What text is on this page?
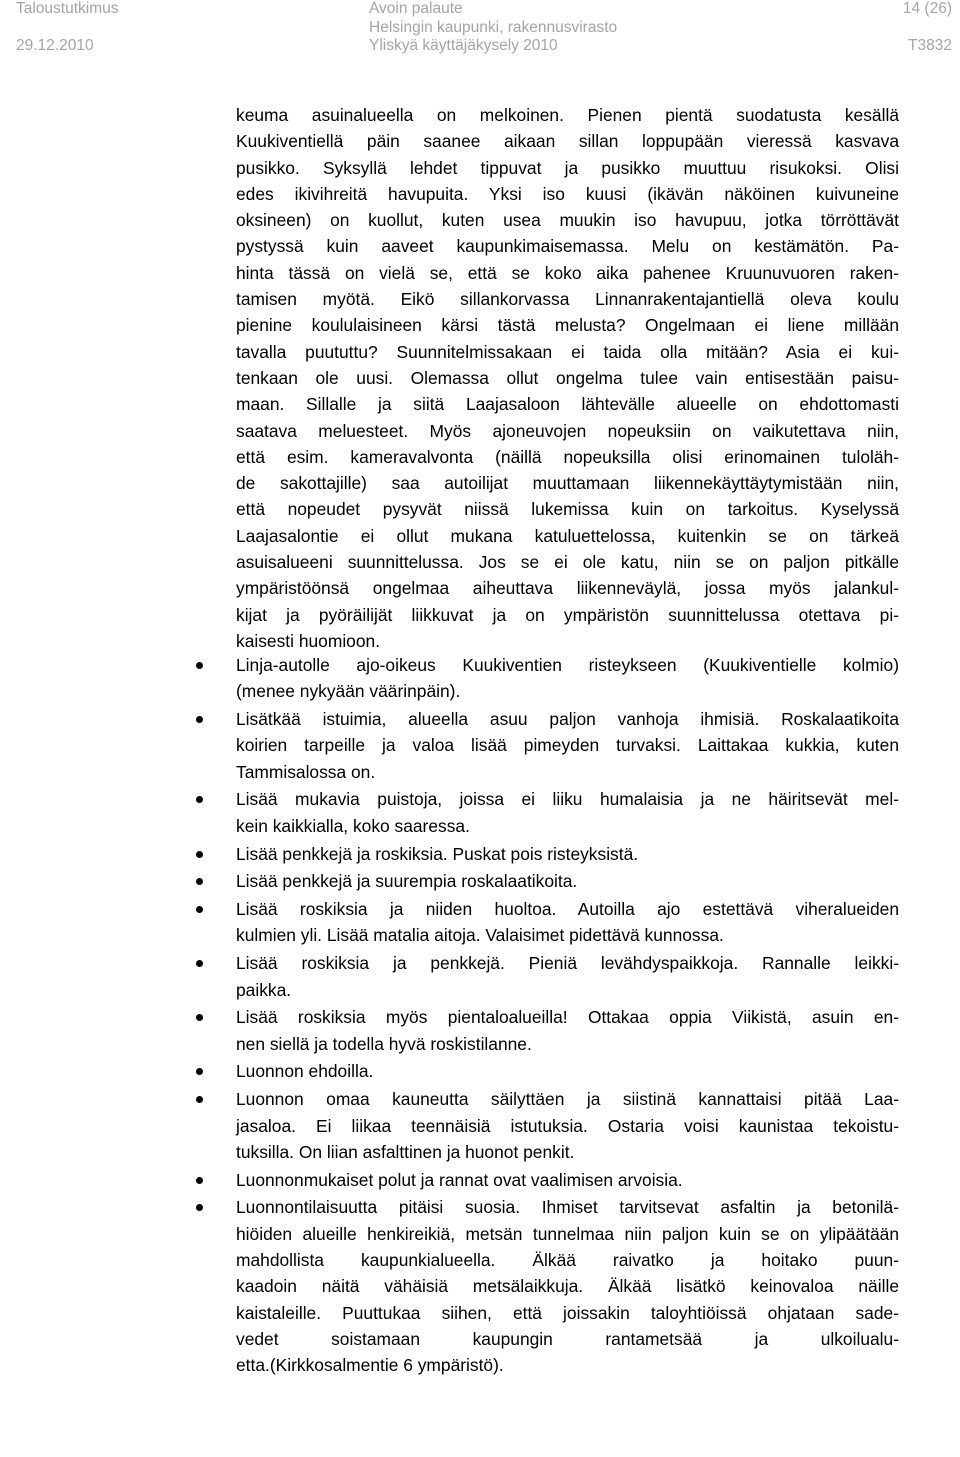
Taloustutkimus
29.12.2010
Avoin palaute
Helsingin kaupunki, rakennusvirasto
Yliskyä käyttäjäkysely 2010
14 (26)
T3832

keuma asuinalueella on melkoinen. Pienen pientä suodatusta kesällä
Kuukiventiellä päin saanee aikaan sillan loppupään vieressä kasvava
pusikko. Syksyllä lehdet tippuvat ja pusikko muuttuu risukoksi. Olisi
edes ikivihreitä havupuita. Yksi iso kuusi (ikävän näköinen kuivuneine
oksineen) on kuollut, kuten usea muukin iso havupuu, jotka törröttävät
pystyssä kuin aaveet kaupunkimaisemassa. Melu on kestämätön. Pa-
hinta tässä on vielä se, että se koko aika pahenee Kruunuvuoren raken-
tamisen myötä. Eikö sillankorvassa Linnanrakentajantiellä oleva koulu
pienine koululaisineen kärsi tästä melusta? Ongelmaan ei liene millään
tavalla puututtu? Suunnitelmissakaan ei taida olla mitään? Asia ei kui-
tenkaan ole uusi. Olemassa ollut ongelma tulee vain entisestään paisu-
maan. Sillalle ja siitä Laajasaloon lähtevälle alueelle on ehdottomasti
saatava meluesteet. Myös ajoneuvojen nopeuksiin on vaikutettava niin,
että esim. kameravalvonta (näillä nopeuksilla olisi erinomainen tuloläh-
de sakottajille) saa autoilijat muuttamaan liikennekäyttäytymistään niin,
että nopeudet pysyvät niissä lukemissa kuin on tarkoitus. Kyselyssä
Laajasalontie ei ollut mukana katuluettelossa, kuitenkin se on tärkeä
asuisalueeni suunnittelussa. Jos se ei ole katu, niin se on paljon pitkälle
ympäristöönsä ongelmaa aiheuttava liikenneväylä, jossa myös jalankul-
kijat ja pyöräilijät liikkuvat ja on ympäristön suunnittelussa otettava pi-
kaisesti huomioon.

Linja-autolle ajo-oikeus Kuukiventien risteykseen (Kuukiventielle kolmio)
(menee nykyään väärinpäin).
Lisätkää istuimia, alueella asuu paljon vanhoja ihmisiä. Roskalaatikoita
koirien tarpeille ja valoa lisää pimeyden turvaksi. Laittakaa kukkia, kuten
Tammisalossa on.
Lisää mukavia puistoja, joissa ei liiku humalaisia ja ne häiritsevät mel-
kein kaikkialla, koko saaressa.
Lisää penkkejä ja roskiksia. Puskat pois risteyksistä.
Lisää penkkejä ja suurempia roskalaatikoita.
Lisää roskiksia ja niiden huoltoa. Autoilla ajo estettävä viheralueiden
kulmien yli. Lisää matalia aitoja. Valaisimet pidettävä kunnossa.
Lisää roskiksia ja penkkejä. Pieniä levähdyspaikkoja. Rannalle leikki-
paikka.
Lisää roskiksia myös pientaloalueilla! Ottakaa oppia Viikistä, asuin en-
nen siellä ja todella hyvä roskistilanne.
Luonnon ehdoilla.
Luonnon omaa kauneutta säilyttäen ja siistinä kannattaisi pitää Laa-
jasaloa. Ei liikaa teennäisiä istutuksia. Ostaria voisi kaunistaa tekoistu-
tuksilla. On liian asfalttinen ja huonot penkit.
Luonnonmukaiset polut ja rannat ovat vaalimisen arvoisia.
Luonnontilaisuutta pitäisi suosia. Ihmiset tarvitsevat asfaltin ja betonilä-
hiöiden alueille henkireikiä, metsän tunnelmaa niin paljon kuin se on ylipäätään mahdollista kaupunkialueella. Älkää raivatko ja hoitako puun-
kaadoin näitä vähäisiä metsälaikkuja. Älkää lisätkö keinovaloa näille
kaistaleille. Puuttukaa siihen, että joissakin taloyhtiöissä ohjataan sade-
vedet soistamaan kaupungin rantametsää ja ulkoilualu-
etta.(Kirkkosalmentie 6 ympäristö).
